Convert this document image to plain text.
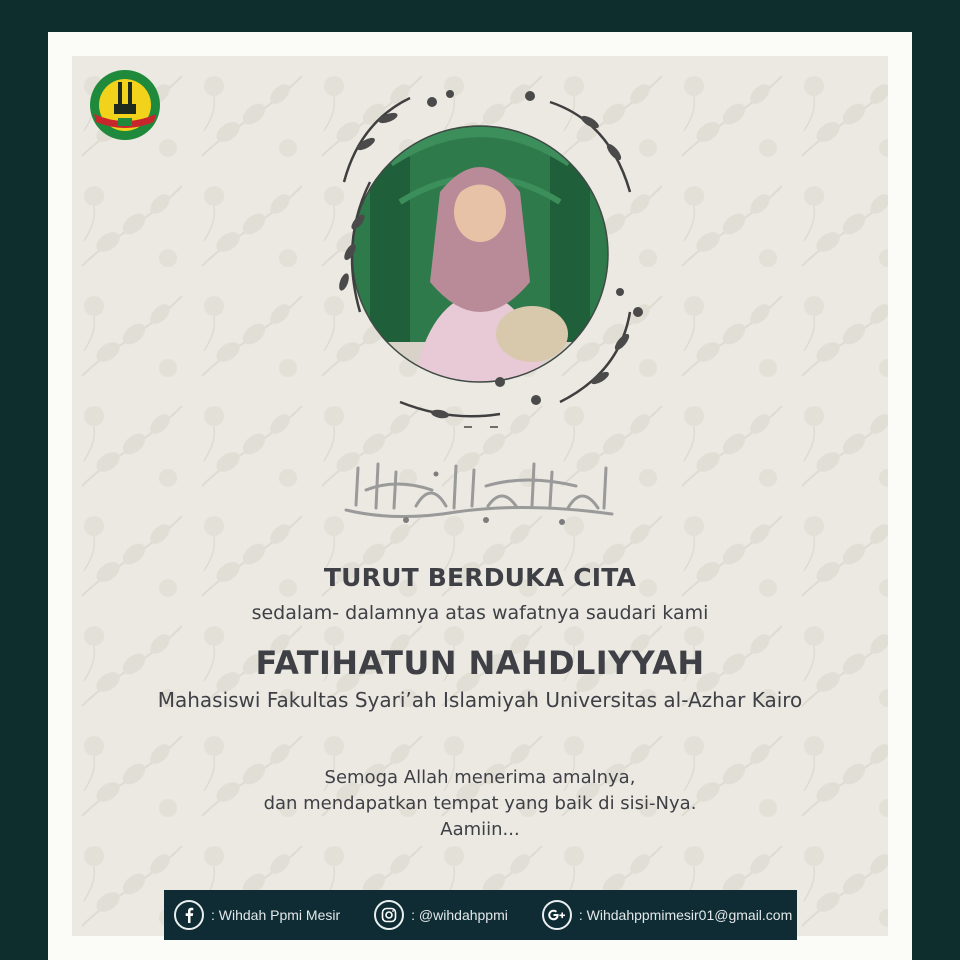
TURUT BERDUKA CITA
sedalam- dalamnya atas wafatnya saudari kami
FATIHATUN NAHDLIYYAH
Mahasiswi Fakultas Syari’ah Islamiyah Universitas al-Azhar Kairo
Semoga Allah menerima amalnya,
dan mendapatkan tempat yang baik di sisi-Nya.
Aamiin...
: Wihdah Ppmi Mesir	: @wihdahppmi	: Wihdahppmimesir01@gmail.com
